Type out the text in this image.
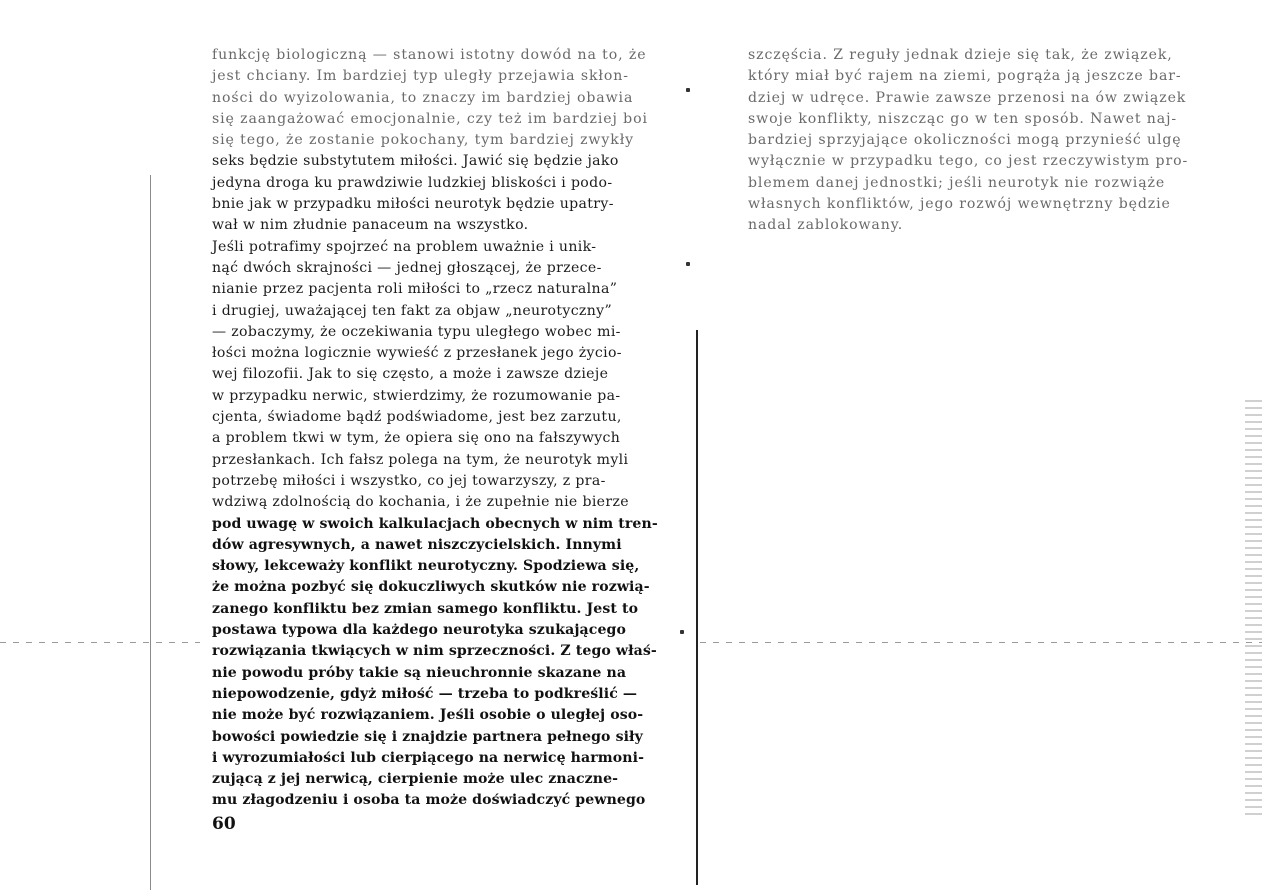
funkcję biologiczną — stanowi istotny dowód na to, że
jest chciany. Im bardziej typ uległy przejawia skłon-
ności do wyizolowania, to znaczy im bardziej obawia
się zaangażować emocjonalnie, czy też im bardziej boi
się tego, że zostanie pokochany, tym bardziej zwykły
seks będzie substytutem miłości. Jawić się będzie jako
jedyna droga ku prawdziwie ludzkiej bliskości i podo-
bnie jak w przypadku miłości neurotyk będzie upatry-
wał w nim złudnie panaceum na wszystko.
Jeśli potrafimy spojrzeć na problem uważnie i unik-
nąć dwóch skrajności — jednej głoszącej, że przece-
nianie przez pacjenta roli miłości to „rzecz naturalna”
i drugiej, uważającej ten fakt za objaw „neurotyczny”
— zobaczymy, że oczekiwania typu uległego wobec mi-
łości można logicznie wywieść z przesłanek jego życio-
wej filozofii. Jak to się często, a może i zawsze dzieje
w przypadku nerwic, stwierdzimy, że rozumowanie pa-
cjenta, świadome bądź podświadome, jest bez zarzutu,
a problem tkwi w tym, że opiera się ono na fałszywych
przesłankach. Ich fałsz polega na tym, że neurotyk myli
potrzebę miłości i wszystko, co jej towarzyszy, z pra-
wdziwą zdolnością do kochania, i że zupełnie nie bierze
pod uwagę w swoich kalkulacjach obecnych w nim tren-
dów agresywnych, a nawet niszczycielskich. Innymi
słowy, lekceważy konflikt neurotyczny. Spodziewa się,
że można pozbyć się dokuczliwych skutków nie rozwią-
zanego konfliktu bez zmian samego konfliktu. Jest to
postawa typowa dla każdego neurotyka szukającego
rozwiązania tkwiących w nim sprzeczności. Z tego właś-
nie powodu próby takie są nieuchronnie skazane na
niepowodzenie, gdyż miłość — trzeba to podkreślić —
nie może być rozwiązaniem. Jeśli osobie o uległej oso-
bowości powiedzie się i znajdzie partnera pełnego siły
i wyrozumiałości lub cierpiącego na nerwicę harmoni-
zującą z jej nerwicą, cierpienie może ulec znaczne-
mu złagodzeniu i osoba ta może doświadczyć pewnego
60
szczęścia. Z reguły jednak dzieje się tak, że związek,
który miał być rajem na ziemi, pogrąża ją jeszcze bar-
dziej w udręce. Prawie zawsze przenosi na ów związek
swoje konflikty, niszcząc go w ten sposób. Nawet naj-
bardziej sprzyjające okoliczności mogą przynieść ulgę
wyłącznie w przypadku tego, co jest rzeczywistym pro-
blemem danej jednostki; jeśli neurotyk nie rozwiąże
własnych konfliktów, jego rozwój wewnętrzny będzie
nadal zablokowany.
